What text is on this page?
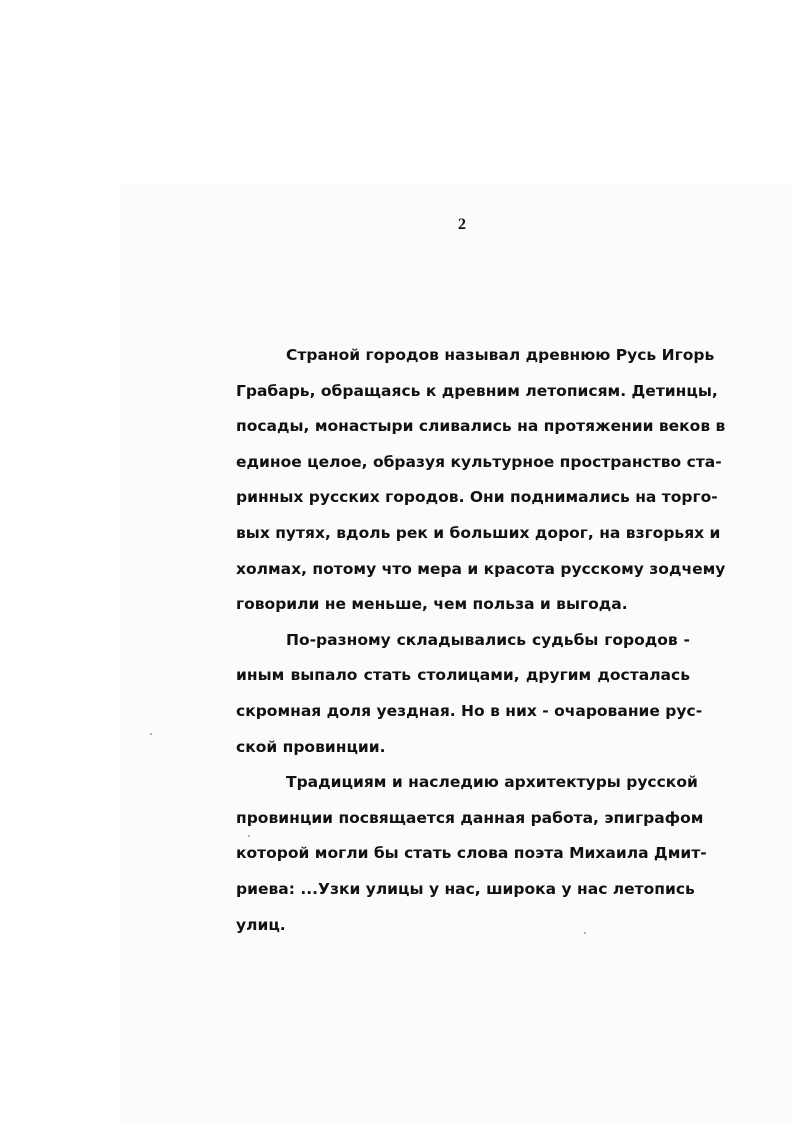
2

Страной городов называл древнюю Русь Игорь
Грабарь, обращаясь к древним летописям. Детинцы,
посады, монастыри сливались на протяжении веков в
единое целое, образуя культурное пространство ста-
ринных русских городов. Они поднимались на торго-
вых путях, вдоль рек и больших дорог, на взгорьях и
холмах, потому что мера и красота русскому зодчему
говорили не меньше, чем польза и выгода.

По-разному складывались судьбы городов -
иным выпало стать столицами, другим досталась
скромная доля уездная. Но в них - очарование рус-
ской провинции.

Традициям и наследию архитектуры русской
провинции посвящается данная работа, эпиграфом
которой могли бы стать слова поэта Михаила Дмит-
риева: ...Узки улицы у нас, широка у нас летопись
улиц.
